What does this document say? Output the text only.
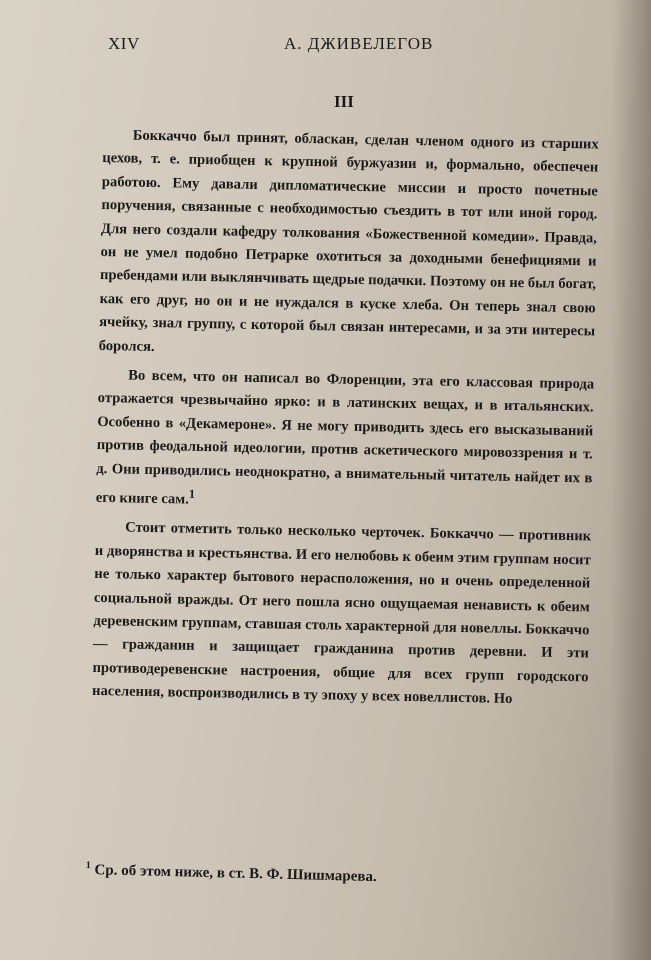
XIV	А. ДЖИВЕЛЕГОВ
III

Боккаччо был принят, обласкан, сделан членом одного из старших цехов, т. е. приобщен к крупной буржуазии и, формально, обеспечен работою. Ему давали дипломатические миссии и просто почетные поручения, связанные с необходимостью съездить в тот или иной город. Для него создали кафедру толкования «Божественной комедии». Правда, он не умел подобно Петрарке охотиться за доходными бенефициями и пребендами или выклянчивать щедрые подачки. Поэтому он не был богат, как его друг, но он и не нуждался в куске хлеба. Он теперь знал свою ячейку, знал группу, с которой был связан интересами, и за эти интересы боролся.

Во всем, что он написал во Флоренции, эта его классовая природа отражается чрезвычайно ярко: и в латинских вещах, и в итальянских. Особенно в «Декамероне». Я не могу приводить здесь его высказываний против феодальной идеологии, против аскетического мировоззрения и т. д. Они приводились неоднократно, а внимательный читатель найдет их в его книге сам.$^1$

Стоит отметить только несколько черточек. Боккаччо — противник и дворянства и крестьянства. И его нелюбовь к обеим этим группам носит не только характер бытового нерасположения, но и очень определенной социальной вражды. От него пошла ясно ощущаемая ненависть к обеим деревенским группам, ставшая столь характерной для новеллы. Боккаччо — гражданин и защищает гражданина против деревни. И эти противодеревенские настроения, общие для всех групп городского населения, воспроизводились в ту эпоху у всех новеллистов. Но

$^1$ Ср. об этом ниже, в ст. В. Ф. Шишмарева.
